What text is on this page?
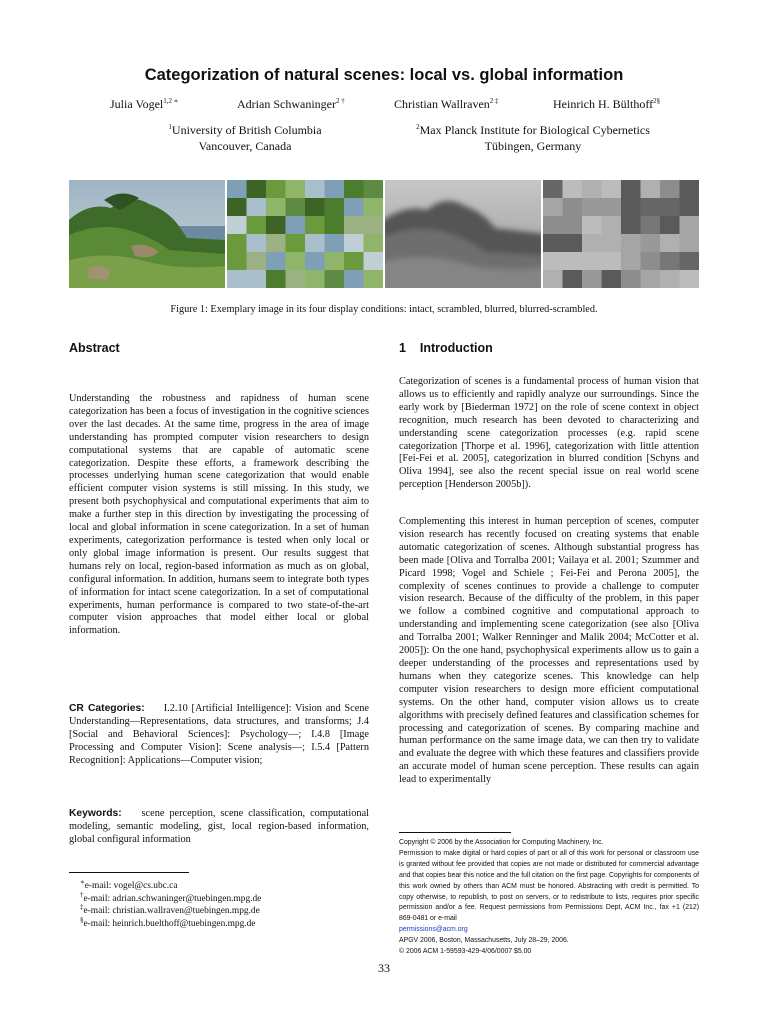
Categorization of natural scenes: local vs. global information
Julia Vogel$^{1,2 ∗}$	Adrian Schwaninger$^{2 \dagger}$	Christian Wallraven$^{2 \ddagger}$	Heinrich H. Bülthoff$^{2\S}$
$^1$University of British Columbia
Vancouver, Canada
$^2$Max Planck Institute for Biological Cybernetics
Tübingen, Germany
Figure 1: Exemplary image in its four display conditions: intact, scrambled, blurred, blurred-scrambled.
Abstract
Understanding the robustness and rapidness of human scene categorization has been a focus of investigation in the cognitive sciences over the last decades. At the same time, progress in the area of image understanding has prompted computer vision researchers to design computational systems that are capable of automatic scene categorization. Despite these efforts, a framework describing the processes underlying human scene categorization that would enable efficient computer vision systems is still missing. In this study, we present both psychophysical and computational experiments that aim to make a further step in this direction by investigating the processing of local and global information in scene categorization. In a set of human experiments, categorization performance is tested when only local or only global image information is present. Our results suggest that humans rely on local, region-based information as much as on global, configural information. In addition, humans seem to integrate both types of information for intact scene categorization. In a set of computational experiments, human performance is compared to two state-of-the-art computer vision approaches that model either local or global information.
CR Categories: I.2.10 [Artificial Intelligence]: Vision and Scene Understanding—Representations, data structures, and transforms; J.4 [Social and Behavioral Sciences]: Psychology—; I.4.8 [Image Processing and Computer Vision]: Scene analysis—; I.5.4 [Pattern Recognition]: Applications—Computer vision;
Keywords: scene perception, scene classification, computational modeling, semantic modeling, gist, local region-based information, global configural information
∗e-mail: vogel@cs.ubc.ca
†e-mail: adrian.schwaninger@tuebingen.mpg.de
‡e-mail: christian.wallraven@tuebingen.mpg.de
§e-mail: heinrich.buelthoff@tuebingen.mpg.de
1 Introduction
Categorization of scenes is a fundamental process of human vision that allows us to efficiently and rapidly analyze our surroundings. Since the early work by [Biederman 1972] on the role of scene context in object recognition, much research has been devoted to characterizing and understanding scene categorization processes (e.g. rapid scene categorization [Thorpe et al. 1996], categorization with little attention [Fei-Fei et al. 2005], categorization in blurred condition [Schyns and Oliva 1994], see also the recent special issue on real world scene perception [Henderson 2005b]).
Complementing this interest in human perception of scenes, computer vision research has recently focused on creating systems that enable automatic categorization of scenes. Although substantial progress has been made [Oliva and Torralba 2001; Vailaya et al. 2001; Szummer and Picard 1998; Vogel and Schiele ; Fei-Fei and Perona 2005], the complexity of scenes continues to provide a challenge to computer vision research. Because of the difficulty of the problem, in this paper we follow a combined cognitive and computational approach to understanding and implementing scene categorization (see also [Oliva and Torralba 2001; Walker Renninger and Malik 2004; McCotter et al. 2005]): On the one hand, psychophysical experiments allow us to gain a deeper understanding of the processes and representations used by humans when they categorize scenes. This knowledge can help computer vision researchers to design more efficient computational systems. On the other hand, computer vision allows us to create algorithms with precisely defined features and classification schemes for processing and categorization of scenes. By comparing machine and human performance on the same image data, we can then try to validate and evaluate the degree with which these features and classifiers provide an accurate model of human scene perception. These results can again lead to experimentally
Copyright © 2006 by the Association for Computing Machinery, Inc.
Permission to make digital or hard copies of part or all of this work for personal or classroom use is granted without fee provided that copies are not made or distributed for commercial advantage and that copies bear this notice and the full citation on the first page. Copyrights for components of this work owned by others than ACM must be honored. Abstracting with credit is permitted. To copy otherwise, to republish, to post on servers, or to redistribute to lists, requires prior specific permission and/or a fee. Request permissions from Permissions Dept, ACM Inc., fax +1 (212) 869-0481 or e-mail
permissions@acm.org
APGV 2006, Boston, Massachusetts, July 28–29, 2006.
© 2006 ACM 1-59593-429-4/06/0007 $5.00
33
